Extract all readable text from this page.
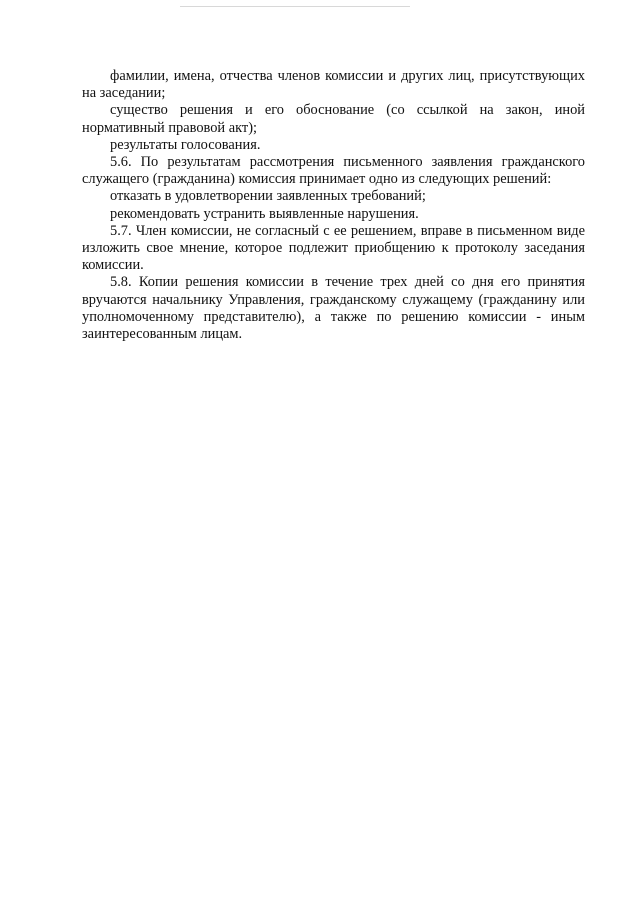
фамилии, имена, отчества членов комиссии и других лиц, присутствующих на заседании;

существо решения и его обоснование (со ссылкой на закон, иной нормативный правовой акт);

результаты голосования.

5.6. По результатам рассмотрения письменного заявления гражданского служащего (гражданина) комиссия принимает одно из следующих решений:

отказать в удовлетворении заявленных требований;

рекомендовать устранить выявленные нарушения.

5.7. Член комиссии, не согласный с ее решением, вправе в письменном виде изложить свое мнение, которое подлежит приобщению к протоколу заседания комиссии.

5.8. Копии решения комиссии в течение трех дней со дня его принятия вручаются начальнику Управления, гражданскому служащему (гражданину или уполномоченному представителю), а также по решению комиссии - иным заинтересованным лицам.
